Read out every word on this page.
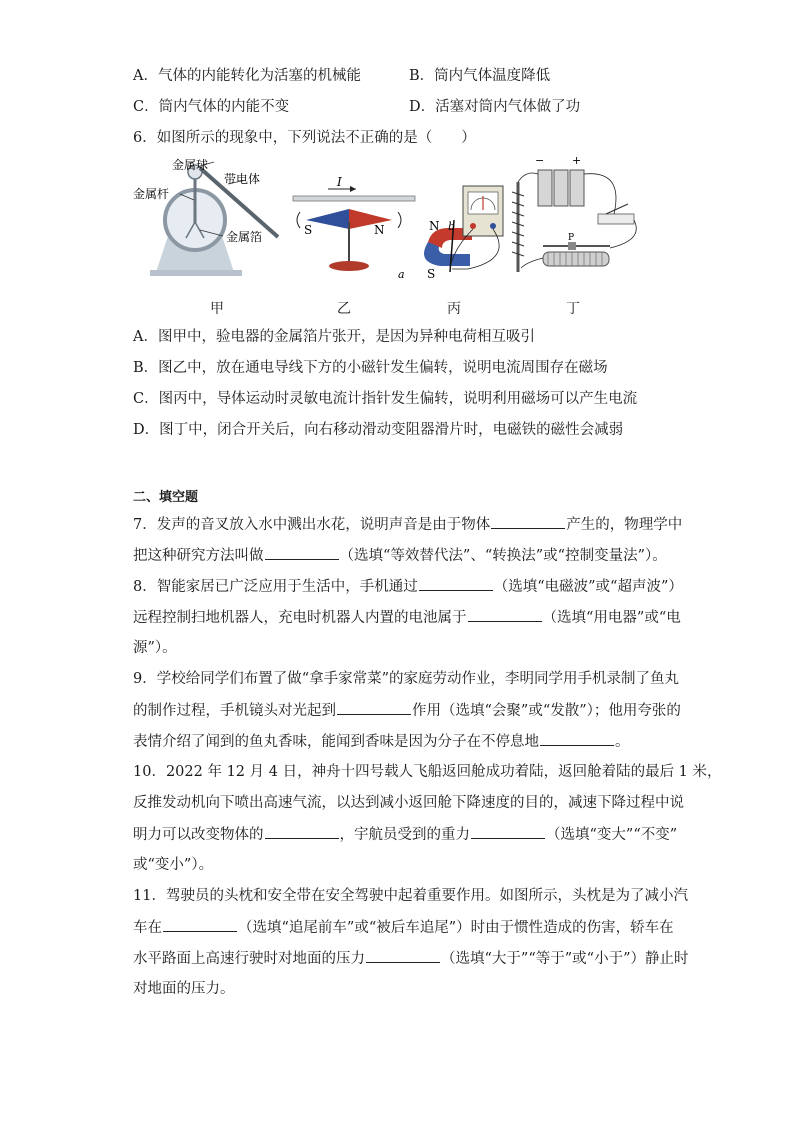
A．气体的内能转化为活塞的机械能	B．筒内气体温度降低
C．筒内气体的内能不变	D．活塞对筒内气体做了功
6．如图所示的现象中，下列说法不正确的是（　　）
金属球
带电体
金属杆
金属箔
I
S	N	N
S
a
b
−	+
P
甲	乙	丙	丁
A．图甲中，验电器的金属箔片张开，是因为异种电荷相互吸引
B．图乙中，放在通电导线下方的小磁针发生偏转，说明电流周围存在磁场
C．图丙中，导体运动时灵敏电流计指针发生偏转，说明利用磁场可以产生电流
D．图丁中，闭合开关后，向右移动滑动变阻器滑片时，电磁铁的磁性会减弱
二、填空题
7．发声的音叉放入水中溅出水花，说明声音是由于物体	产生的，物理学中
把这种研究方法叫做	（选填“等效替代法”、“转换法”或“控制变量法”）。
8．智能家居已广泛应用于生活中，手机通过	（选填“电磁波”或“超声波”）
远程控制扫地机器人，充电时机器人内置的电池属于	（选填“用电器”或“电
源”）。
9．学校给同学们布置了做“拿手家常菜”的家庭劳动作业，李明同学用手机录制了鱼丸
的制作过程，手机镜头对光起到	作用（选填“会聚”或“发散”）；他用夸张的
表情介绍了闻到的鱼丸香味，能闻到香味是因为分子在不停息地	。
10．2022 年 12 月 4 日，神舟十四号载人飞船返回舱成功着陆，返回舱着陆的最后 1 米，
反推发动机向下喷出高速气流，以达到减小返回舱下降速度的目的，减速下降过程中说
明力可以改变物体的	，宇航员受到的重力	（选填“变大”“不变”
或“变小”）。
11．驾驶员的头枕和安全带在安全驾驶中起着重要作用。如图所示，头枕是为了减小汽
车在	（选填“追尾前车”或“被后车追尾”）时由于惯性造成的伤害，轿车在
水平路面上高速行驶时对地面的压力	（选填“大于”“等于”或“小于”）静止时
对地面的压力。
